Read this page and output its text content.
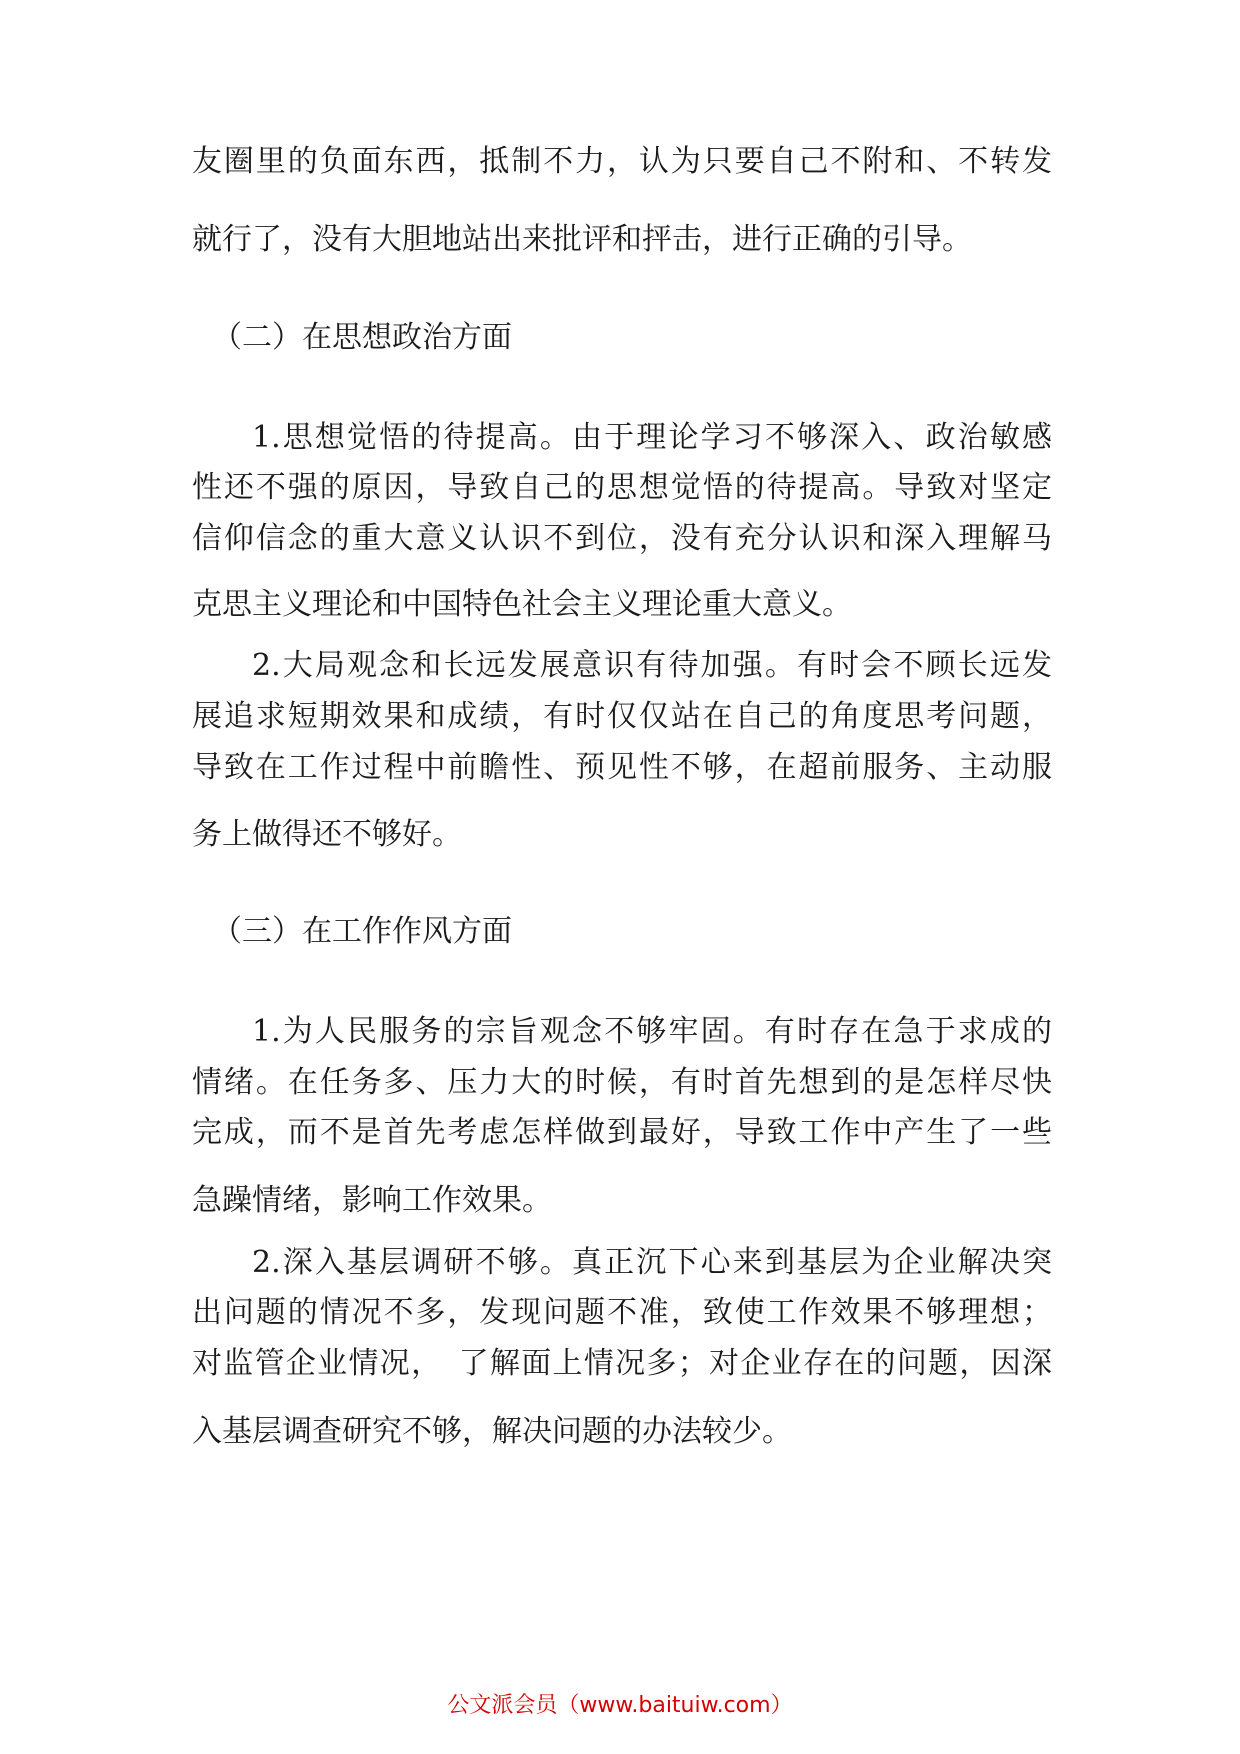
友圈里的负面东西，抵制不力，认为只要自己不附和、不转发
就行了，没有大胆地站出来批评和抨击，进行正确的引导。
（二）在思想政治方面
1.思想觉悟的待提高。由于理论学习不够深入、政治敏感
性还不强的原因，导致自己的思想觉悟的待提高。导致对坚定
信仰信念的重大意义认识不到位，没有充分认识和深入理解马
克思主义理论和中国特色社会主义理论重大意义。
2.大局观念和长远发展意识有待加强。有时会不顾长远发
展追求短期效果和成绩，有时仅仅站在自己的角度思考问题，
导致在工作过程中前瞻性、预见性不够，在超前服务、主动服
务上做得还不够好。
（三）在工作作风方面
1.为人民服务的宗旨观念不够牢固。有时存在急于求成的
情绪。在任务多、压力大的时候，有时首先想到的是怎样尽快
完成，而不是首先考虑怎样做到最好，导致工作中产生了一些
急躁情绪，影响工作效果。
2.深入基层调研不够。真正沉下心来到基层为企业解决突
出问题的情况不多，发现问题不准，致使工作效果不够理想；
对监管企业情况，　了解面上情况多；对企业存在的问题，因深
入基层调查研究不够，解决问题的办法较少。
公文派会员（www.baituiw.com）
